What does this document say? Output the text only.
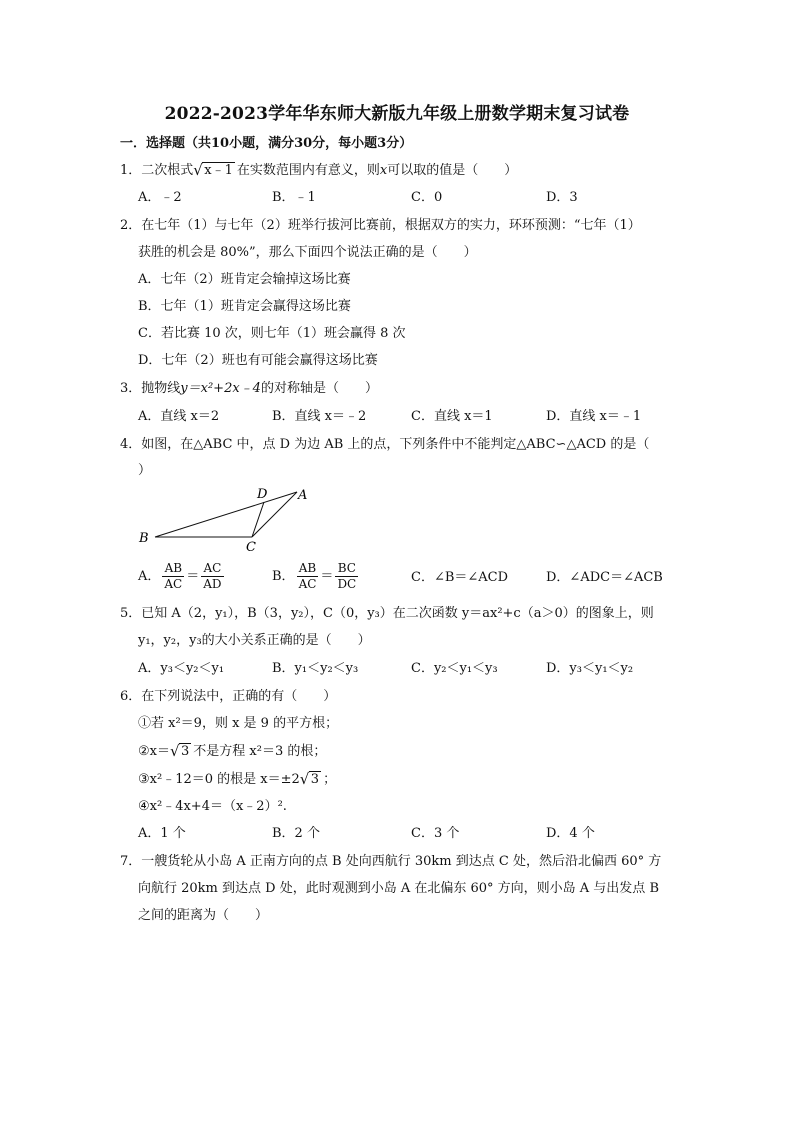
2022-2023学年华东师大新版九年级上册数学期末复习试卷
一．选择题（共10小题，满分30分，每小题3分）
1．二次根式 √ x﹣1 在实数范围内有意义，则x可以取的值是（　　）
A．﹣2	B．﹣1	C．0	D．3
2．在七年（1）与七年（2）班举行拔河比赛前，根据双方的实力，环环预测：“七年（1）
获胜的机会是 80%”，那么下面四个说法正确的是（　　）
A．七年（2）班肯定会输掉这场比赛
B．七年（1）班肯定会赢得这场比赛
C．若比赛 10 次，则七年（1）班会赢得 8 次
D．七年（2）班也有可能会赢得这场比赛
3．抛物线y＝x²+2x﹣4的对称轴是（　　）
A．直线 x＝2	B．直线 x＝﹣2	C．直线 x＝1	D．直线 x＝﹣1
4．如图，在△ABC 中，点 D 为边 AB 上的点，下列条件中不能判定△ABC∽△ACD 的是（
）
A
B
C
D
A． $\frac{AB}{AC} = \frac{AC}{AD}$	B． $\frac{AB}{AC} = \frac{BC}{DC}$	C．∠B＝∠ACD	D．∠ADC＝∠ACB
5．已知 A（2，y₁），B（3，y₂），C（0，y₃）在二次函数 y＝ax²+c（a＞0）的图象上，则
y₁，y₂，y₃的大小关系正确的是（　　）
A．y₃＜y₂＜y₁	B．y₁＜y₂＜y₃	C．y₂＜y₁＜y₃	D．y₃＜y₁＜y₂
6．在下列说法中，正确的有（　　）
①若 x²＝9，则 x 是 9 的平方根；
②x＝ √ 3 不是方程 x²＝3 的根；
③x²﹣12＝0 的根是 x＝±2 √ 3 ；
④x²﹣4x+4＝（x﹣2）².
A．1 个	B．2 个	C．3 个	D．4 个
7．一艘货轮从小岛 A 正南方向的点 B 处向西航行 30km 到达点 C 处，然后沿北偏西 60° 方
向航行 20km 到达点 D 处，此时观测到小岛 A 在北偏东 60° 方向，则小岛 A 与出发点 B
之间的距离为（　　）
